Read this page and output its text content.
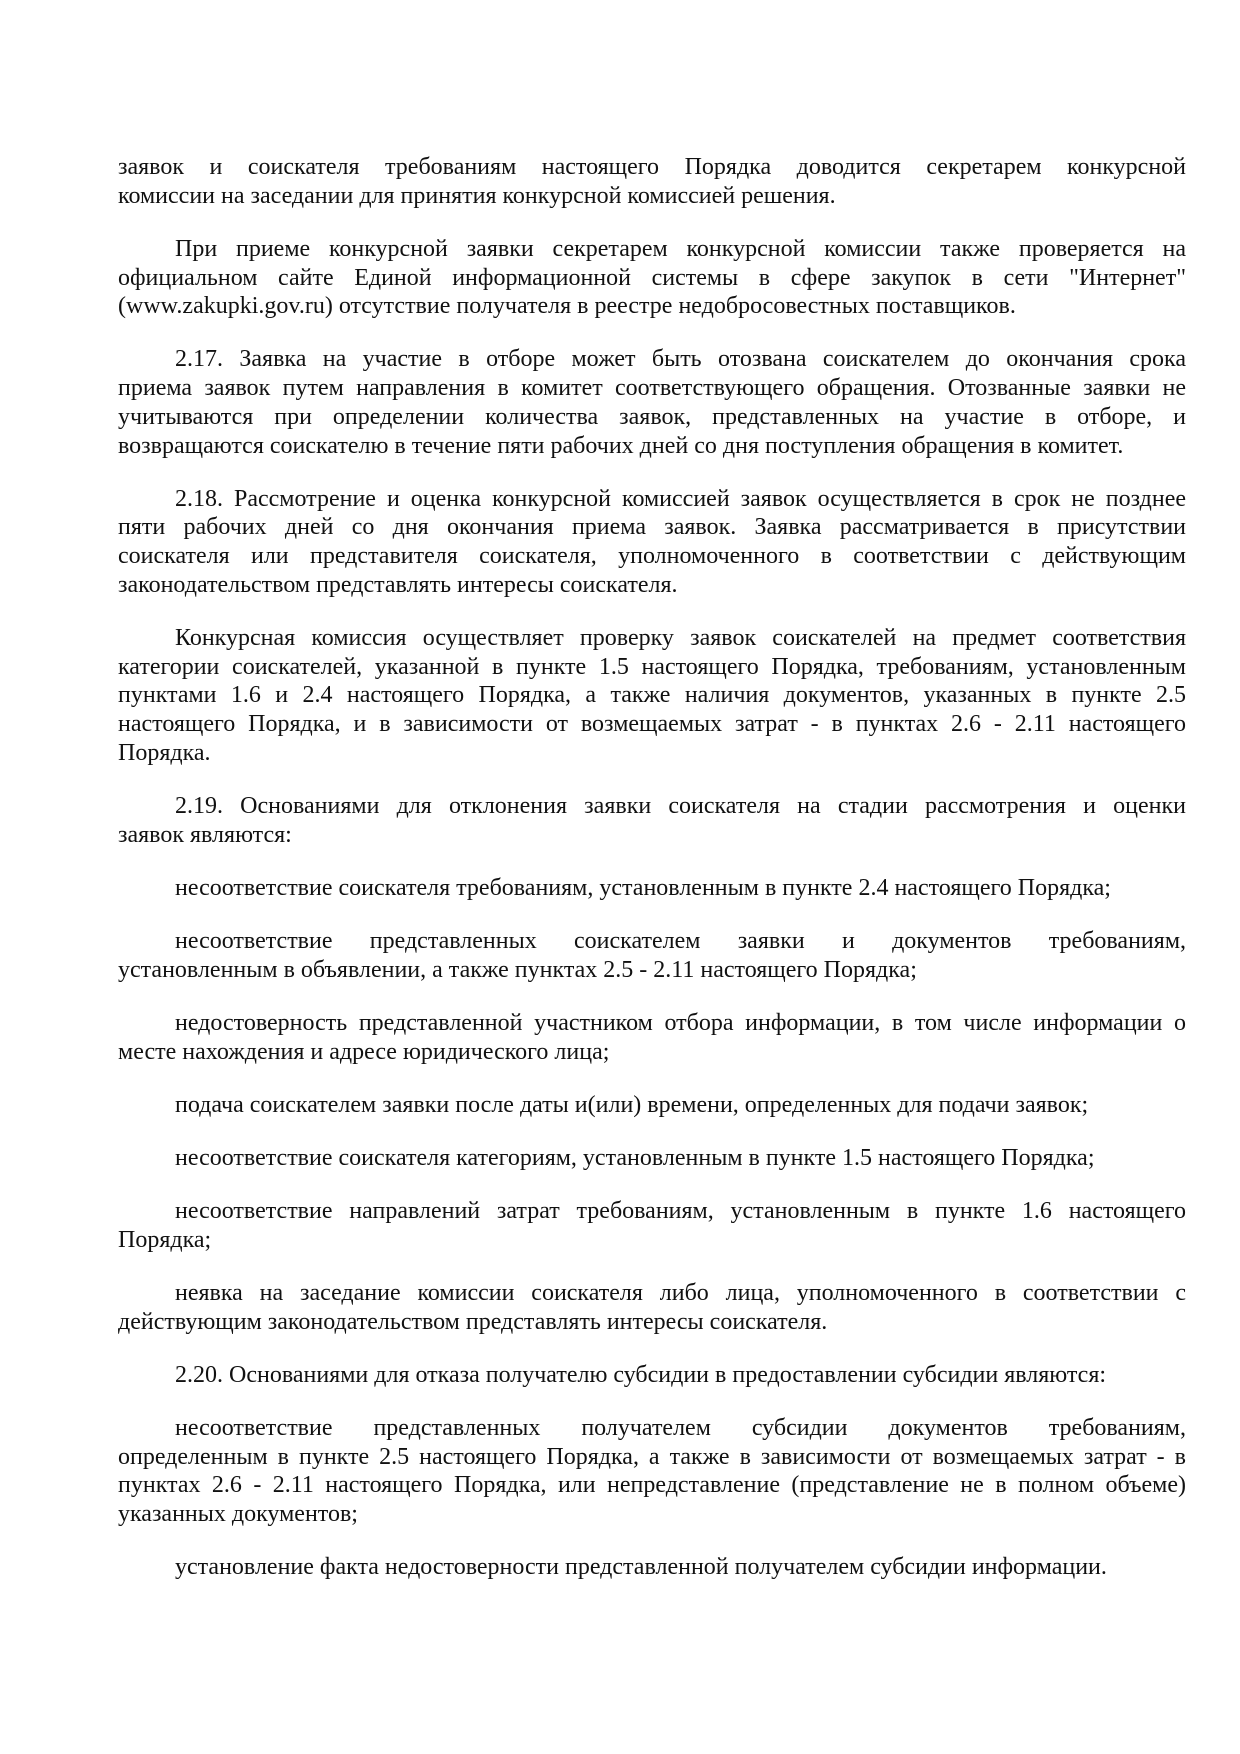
заявок и соискателя требованиям настоящего Порядка доводится секретарем конкурсной
комиссии на заседании для принятия конкурсной комиссией решения.
При приеме конкурсной заявки секретарем конкурсной комиссии также проверяется на
официальном сайте Единой информационной системы в сфере закупок в сети "Интернет"
(www.zakupki.gov.ru) отсутствие получателя в реестре недобросовестных поставщиков.
2.17. Заявка на участие в отборе может быть отозвана соискателем до окончания срока
приема заявок путем направления в комитет соответствующего обращения. Отозванные заявки не
учитываются при определении количества заявок, представленных на участие в отборе, и
возвращаются соискателю в течение пяти рабочих дней со дня поступления обращения в комитет.
2.18. Рассмотрение и оценка конкурсной комиссией заявок осуществляется в срок не позднее
пяти рабочих дней со дня окончания приема заявок. Заявка рассматривается в присутствии
соискателя или представителя соискателя, уполномоченного в соответствии с действующим
законодательством представлять интересы соискателя.
Конкурсная комиссия осуществляет проверку заявок соискателей на предмет соответствия
категории соискателей, указанной в пункте 1.5 настоящего Порядка, требованиям, установленным
пунктами 1.6 и 2.4 настоящего Порядка, а также наличия документов, указанных в пункте 2.5
настоящего Порядка, и в зависимости от возмещаемых затрат - в пунктах 2.6 - 2.11 настоящего
Порядка.
2.19. Основаниями для отклонения заявки соискателя на стадии рассмотрения и оценки
заявок являются:
несоответствие соискателя требованиям, установленным в пункте 2.4 настоящего Порядка;
несоответствие представленных соискателем заявки и документов требованиям,
установленным в объявлении, а также пунктах 2.5 - 2.11 настоящего Порядка;
недостоверность представленной участником отбора информации, в том числе информации о
месте нахождения и адресе юридического лица;
подача соискателем заявки после даты и(или) времени, определенных для подачи заявок;
несоответствие соискателя категориям, установленным в пункте 1.5 настоящего Порядка;
несоответствие направлений затрат требованиям, установленным в пункте 1.6 настоящего
Порядка;
неявка на заседание комиссии соискателя либо лица, уполномоченного в соответствии с
действующим законодательством представлять интересы соискателя.
2.20. Основаниями для отказа получателю субсидии в предоставлении субсидии являются:
несоответствие представленных получателем субсидии документов требованиям,
определенным в пункте 2.5 настоящего Порядка, а также в зависимости от возмещаемых затрат - в
пунктах 2.6 - 2.11 настоящего Порядка, или непредставление (представление не в полном объеме)
указанных документов;
установление факта недостоверности представленной получателем субсидии информации.
